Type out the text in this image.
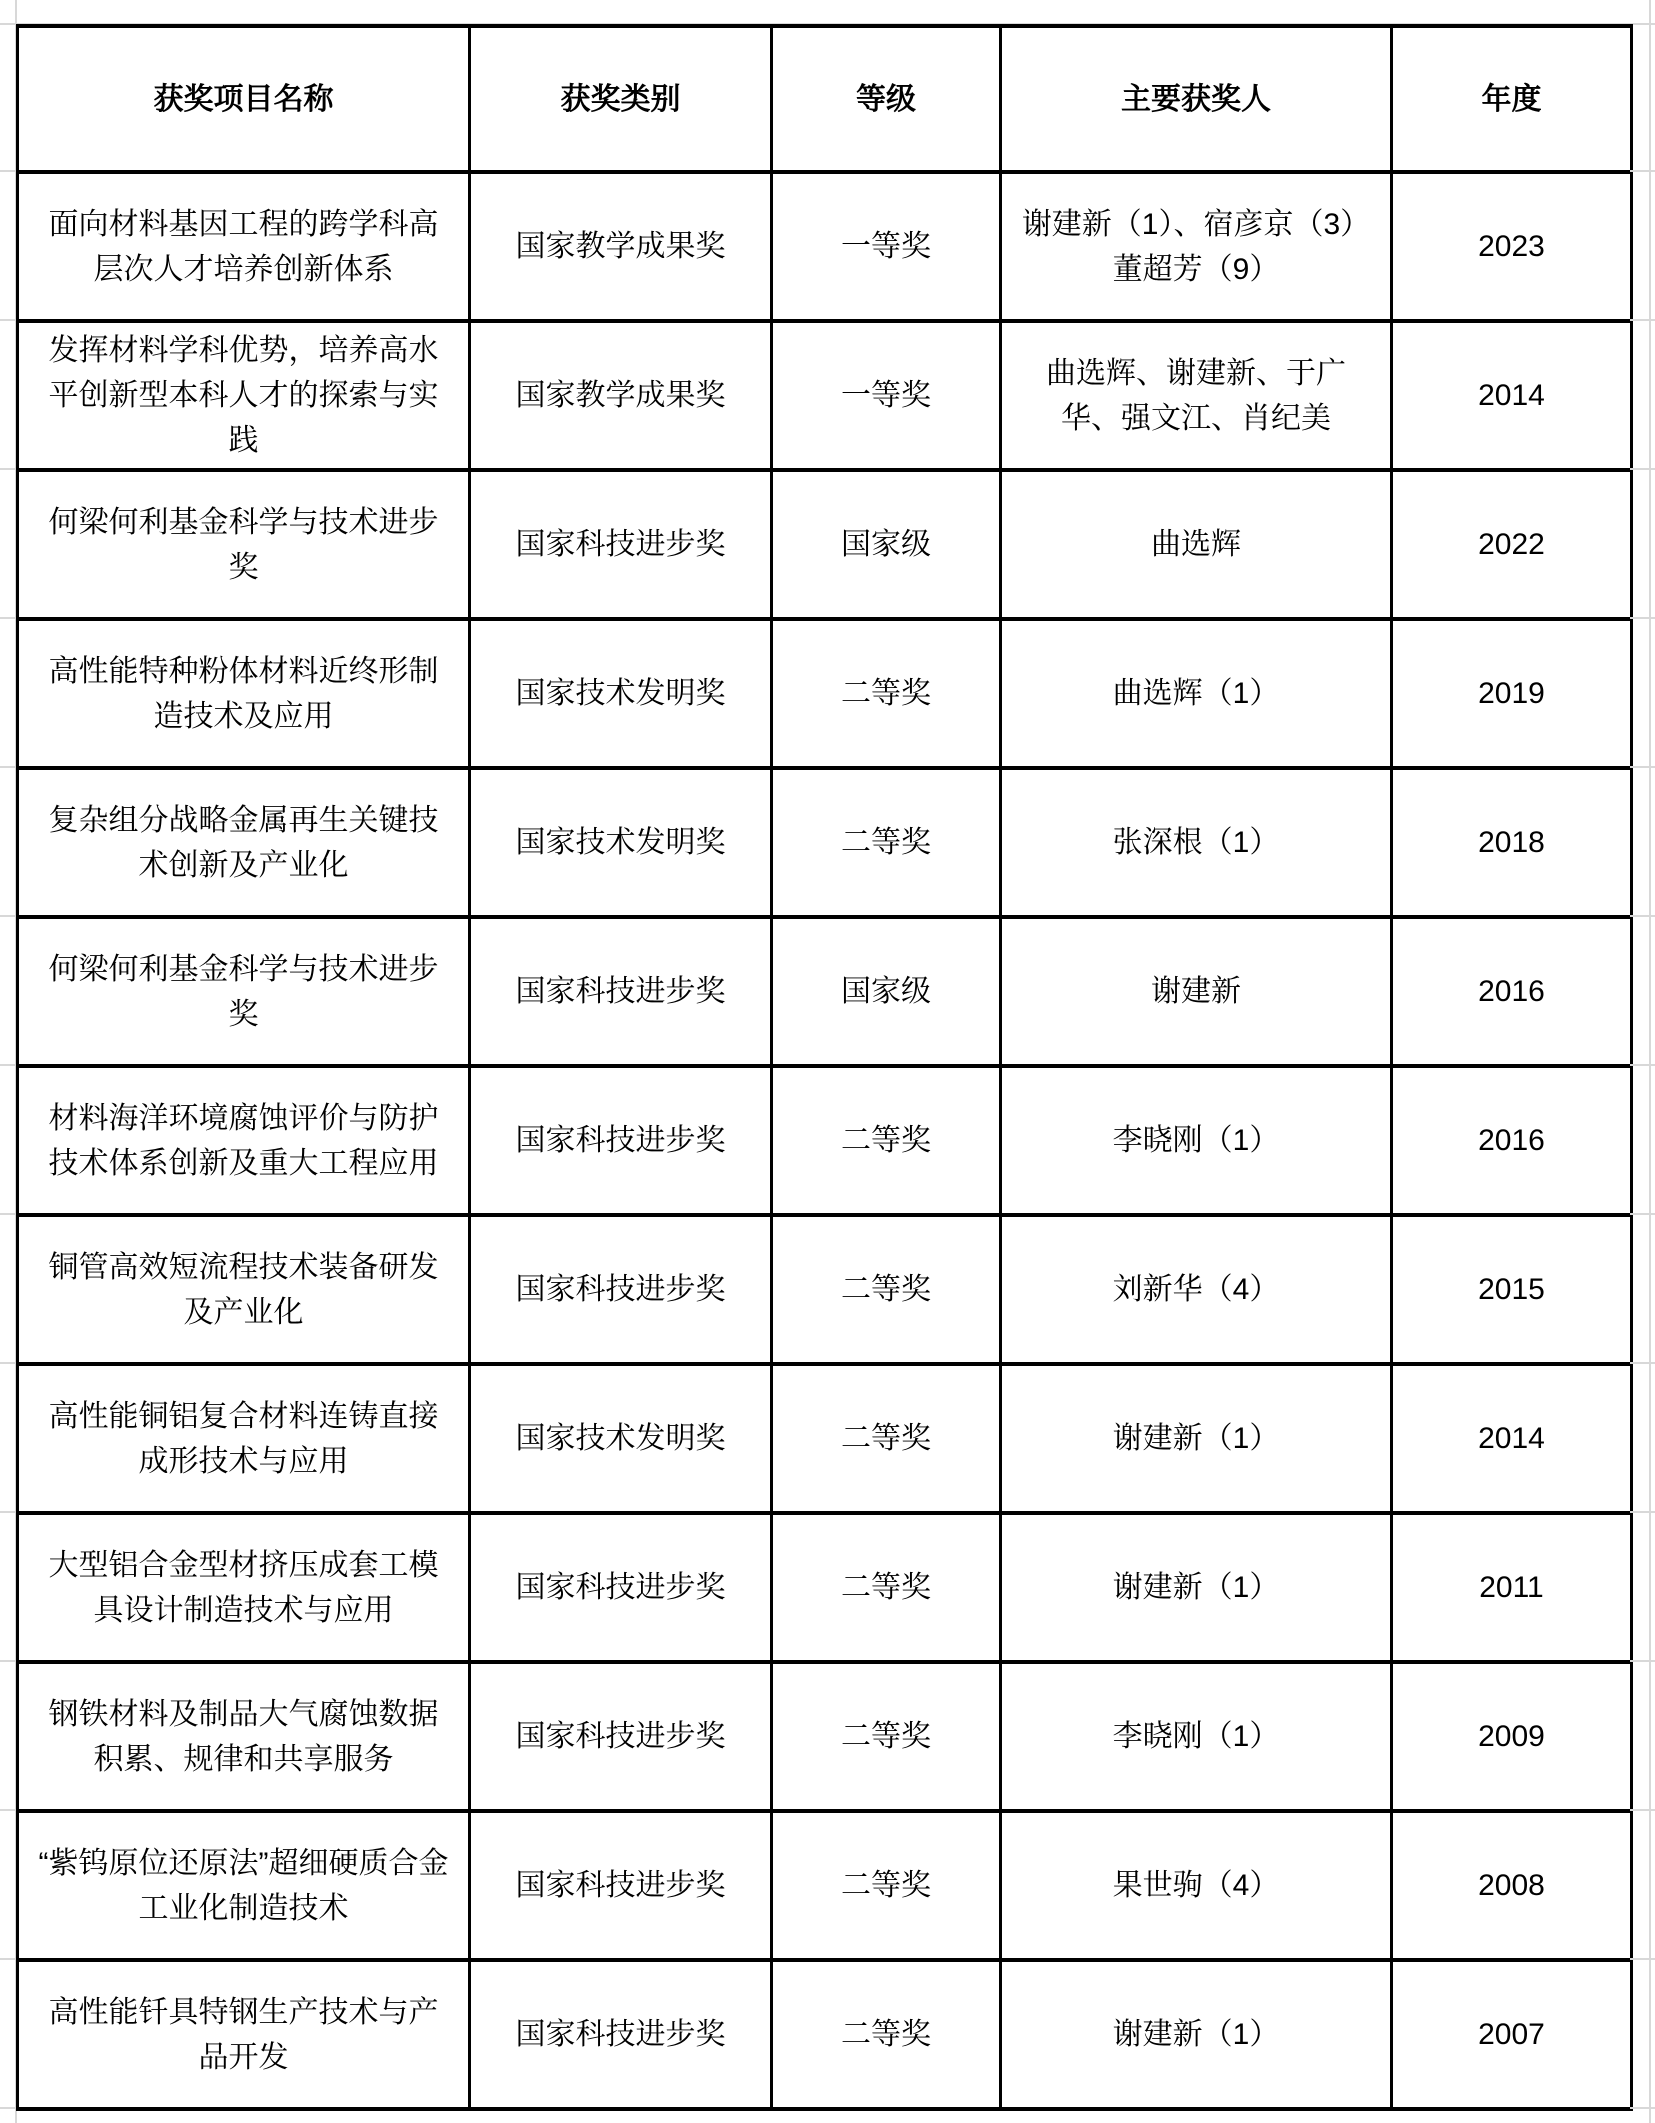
获奖项目名称	获奖类别	等级	主要获奖人	年度
面向材料基因工程的跨学科高层次人才培养创新体系	国家教学成果奖	一等奖	谢建新（1）、宿彦京（3）董超芳（9）	2023
发挥材料学科优势，培养高水平创新型本科人才的探索与实践	国家教学成果奖	一等奖	曲选辉、谢建新、于广华、强文江、肖纪美	2014
何梁何利基金科学与技术进步奖	国家科技进步奖	国家级	曲选辉	2022
高性能特种粉体材料近终形制造技术及应用	国家技术发明奖	二等奖	曲选辉（1）	2019
复杂组分战略金属再生关键技术创新及产业化	国家技术发明奖	二等奖	张深根（1）	2018
何梁何利基金科学与技术进步奖	国家科技进步奖	国家级	谢建新	2016
材料海洋环境腐蚀评价与防护技术体系创新及重大工程应用	国家科技进步奖	二等奖	李晓刚（1）	2016
铜管高效短流程技术装备研发及产业化	国家科技进步奖	二等奖	刘新华（4）	2015
高性能铜铝复合材料连铸直接成形技术与应用	国家技术发明奖	二等奖	谢建新（1）	2014
大型铝合金型材挤压成套工模具设计制造技术与应用	国家科技进步奖	二等奖	谢建新（1）	2011
钢铁材料及制品大气腐蚀数据积累、规律和共享服务	国家科技进步奖	二等奖	李晓刚（1）	2009
“紫钨原位还原法”超细硬质合金工业化制造技术	国家科技进步奖	二等奖	果世驹（4）	2008
高性能钎具特钢生产技术与产品开发	国家科技进步奖	二等奖	谢建新（1）	2007
